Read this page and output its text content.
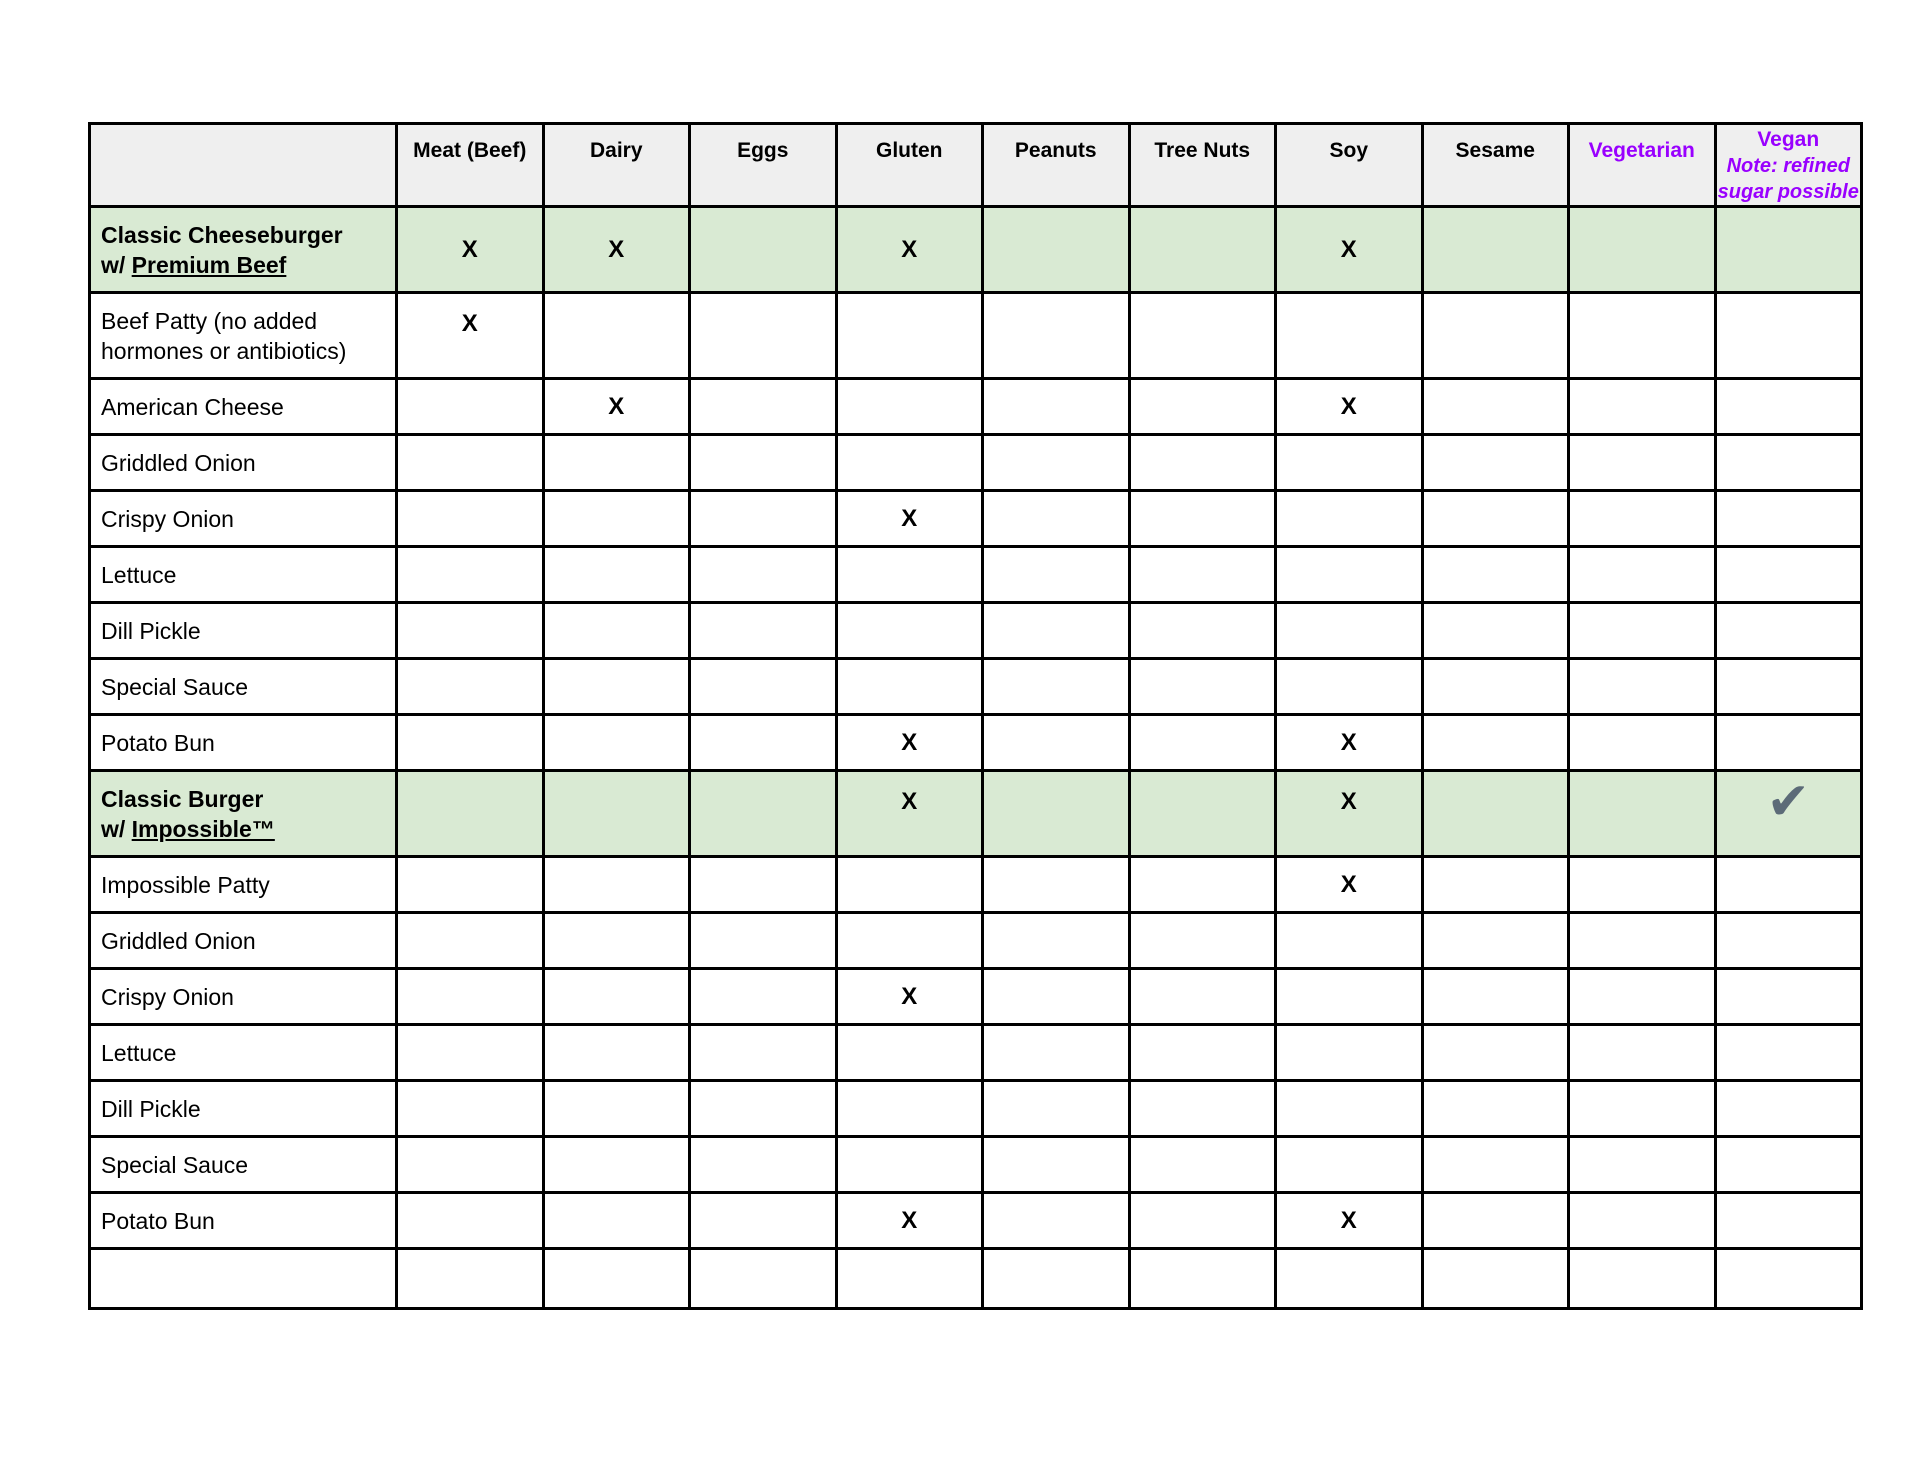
	Meat (Beef)	Dairy	Eggs	Gluten	Peanuts	Tree Nuts	Soy	Sesame	Vegetarian	Vegan
Note: refined sugar possible

Classic Cheeseburger
w/ Premium Beef	X	X		X			X			
Beef Patty (no added hormones or antibiotics)	X									
American Cheese		X					X			
Griddled Onion										
Crispy Onion				X						
Lettuce										
Dill Pickle										
Special Sauce										
Potato Bun				X			X			
Classic Burger
w/ Impossible™				X			X			✔
Impossible Patty							X			
Griddled Onion										
Crispy Onion				X						
Lettuce										
Dill Pickle										
Special Sauce										
Potato Bun				X			X			
